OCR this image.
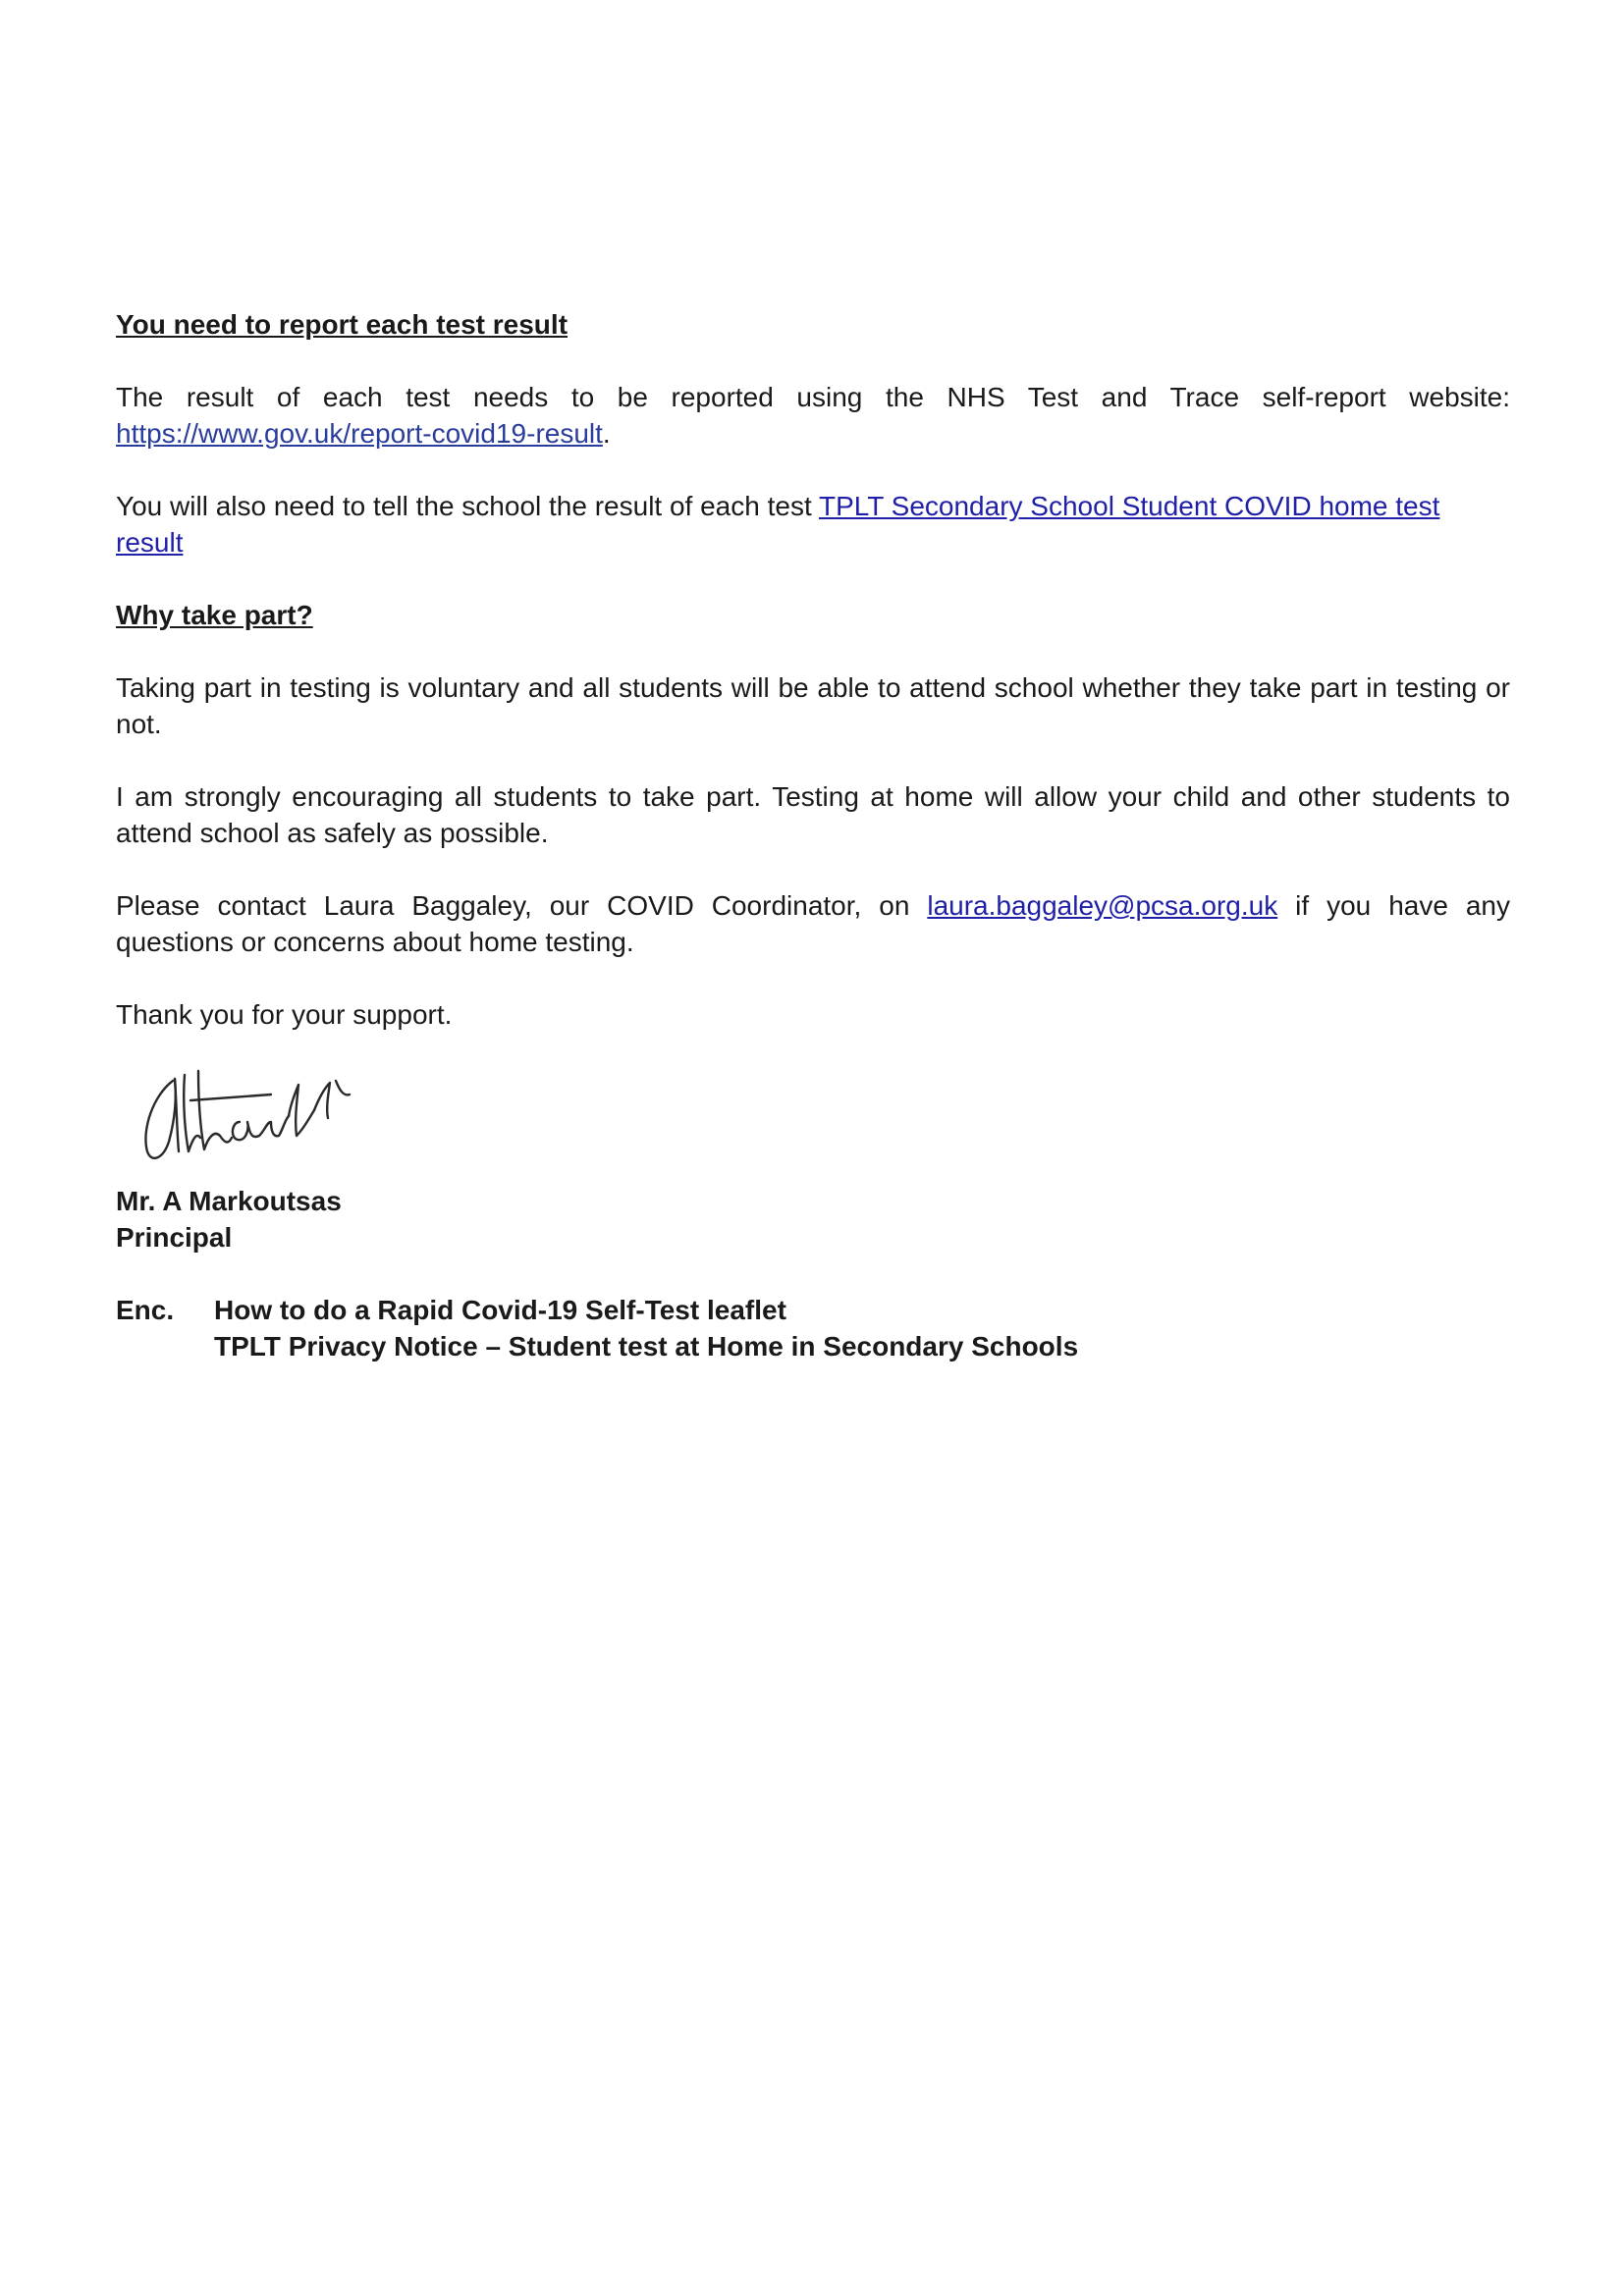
You need to report each test result

The result of each test needs to be reported using the NHS Test and Trace self-report website: https://www.gov.uk/report-covid19-result.

You will also need to tell the school the result of each test TPLT Secondary School Student COVID home test result

Why take part?

Taking part in testing is voluntary and all students will be able to attend school whether they take part in testing or not.

I am strongly encouraging all students to take part. Testing at home will allow your child and other students to attend school as safely as possible.

Please contact Laura Baggaley, our COVID Coordinator, on laura.baggaley@pcsa.org.uk if you have any questions or concerns about home testing.

Thank you for your support.

Mr. A Markoutsas
Principal
Enc.	How to do a Rapid Covid-19 Self-Test leaflet
TPLT Privacy Notice – Student test at Home in Secondary Schools
